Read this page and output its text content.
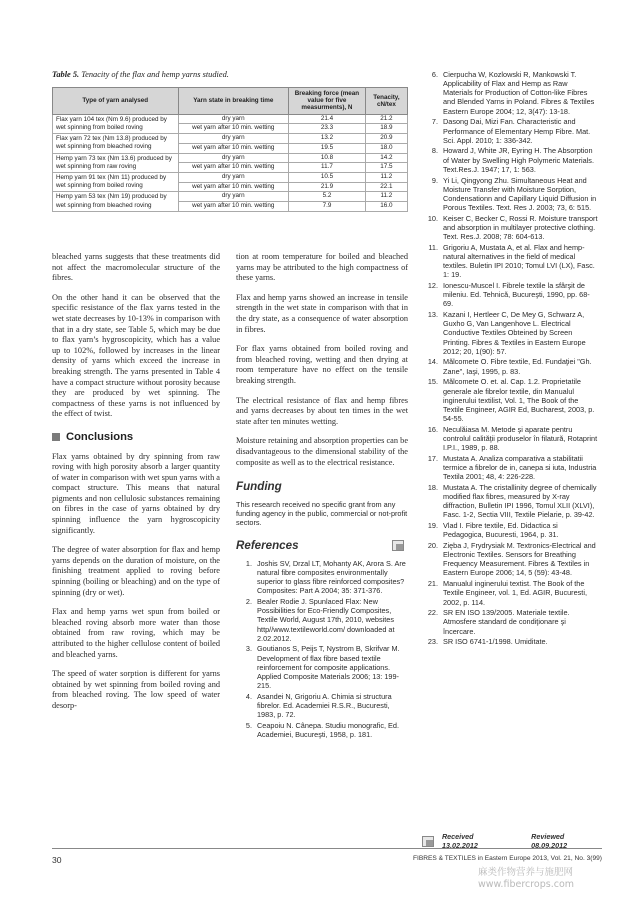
Table 5. Tenacity of the flax and hemp yarns studied.
Type of yarn analysed	Yarn state in breaking time	Breaking force (mean value for five measurments), N	Tenacity, cN/tex
Flax yarn 104 tex (Nm 9.6) produced by wet spinning from boiled roving	dry yarn	21.4	21.2
	wet yarn after 10 min. wetting	23.3	18.9
Flax yarn 72 tex (Nm 13.8) produced by wet spinning from bleached roving	dry yarn	13.2	20.9
	wet yarn after 10 min. wetting	19.5	18.0
Hemp yarn 73 tex (Nm 13.6) produced by wet spinning from raw roving	dry yarn	10.8	14.2
	wet yarn after 10 min. wetting	11.7	17.5
Hemp yarn 91 tex (Nm 11) produced by wet spinning from boiled roving	dry yarn	10.5	11.2
	wet yarn after 10 min. wetting	21.9	22.1
Hemp yarn 53 tex (Nm 19) produced by wet spinning from bleached roving	dry yarn	5.2	11.2
	wet yarn after 10 min. wetting	7.9	16.0

bleached yarns suggests that these treatments did not affect the macromolecular structure of the fibres.

On the other hand it can be observed that the specific resistance of the flax yarns tested in the wet state decreases by 10-13% in comparison with that in a dry state, see Table 5, which may be due to flax yarn’s hygroscopicity, which has a value up to 102%, followed by increases in the linear density of yarns which exceed the increase in breaking strength. The yarns presented in Table 4 have a compact structure without porosity because they are produced by wet spinning. The compactness of these yarns is not influenced by the effect of twist.

Conclusions

Flax yarns obtained by dry spinning from raw roving with high porosity absorb a larger quantity of water in comparison with wet spun yarns with a compact structure. This means that natural pigments and non cellulosic substances remaining on fibres in the case of yarns obtained by dry spinning influence the yarn hygroscopicity significantly.

The degree of water absorption for flax and hemp yarns depends on the duration of moisture, on the finishing treatment applied to roving before spinning (boiling or bleaching) and on the type of spinning (dry or wet).

Flax and hemp yarns wet spun from boiled or bleached roving absorb more water than those obtained from raw roving, which may be attributed to the higher cellulose content of boiled and bleached yarns.

The speed of water sorption is different for yarns obtained by wet spinning from boiled roving and from bleached roving. The low speed of water desorp-

tion at room temperature for boiled and bleached yarns may be attributed to the high compactness of these yarns.

Flax and hemp yarns showed an increase in tensile strength in the wet state in comparison with that in the dry state, as a consequence of water absorption in fibres.

For flax yarns obtained from boiled roving and from bleached roving, wetting and then drying at room temperature have no effect on the tensile breaking strength.

The electrical resistance of flax and hemp fibres and yarns decreases by about ten times in the wet state after ten minutes wetting.

Moisture retaining and absorption properties can be disadvantageous to the dimensional stability of the composite as well as to the electrical resistance.

Funding

This research received no specific grant from any funding agency in the public, commercial or not-profit sectors.

References
1. Joshis SV, Drzal LT, Mohanty AK, Arora S. Are natural fibre composites environmentally superior to glass fibre reinforced composites? Composites: Part A 2004; 35: 371-376.
2. Bealer Rodie J. Spunlaced Flax: New Possibilities for Eco-Friendly Composites, Textile World, August 17th, 2010, websites http//www.textileworld.com/ downloaded at 2.02.2012.
3. Goutianos S, Peijs T, Nystrom B, Skrifvar M. Development of flax fibre based textile reinforcement for composite applications. Applied Composite Materials 2006; 13: 199-215.
4. Asandei N, Grigoriu A. Chimia si structura fibrelor. Ed. Academiei R.S.R., Bucuresti, 1983, p. 72.
5. Ceapoiu N. Cânepa. Studiu monografic, Ed. Academiei, Bucureşti, 1958, p. 181.
6. Cierpucha W, Kozlowski R, Mankowski T. Applicability of Flax and Hemp as Raw Materials for Production of Cotton-like Fibres and Blended Yarns in Poland. Fibres & Textiles Eastern Europe 2004; 12, 3(47): 13-18.
7. Dasong Dai, Mizi Fan. Characteristic and Performance of Elementary Hemp Fibre. Mat. Sci. Appl. 2010; 1: 336-342.
8. Howard J, White JR, Eyring H. The Absorption of Water by Swelling High Polymeric Materials. Text.Res.J. 1947; 17, 1: 563.
9. Yi Li, Qingyong Zhu. Simultaneous Heat and Moisture Transfer with Moisture Sorption, Condensationn and Capillary Liquid Diffusion in Porous Textiles. Text. Res J. 2003; 73, 6: 515.
10. Keiser C, Becker C, Rossi R. Moisture transport and absorption in multilayer protective clothing. Text. Res.J. 2008; 78: 604-613.
11. Grigoriu A, Mustata A, et al. Flax and hemp-natural alternatives in the field of medical textiles. Buletin IPI 2010; Tomul LVI (LX), Fasc. 1: 19.
12. Ionescu-Muscel I. Fibrele textile la sfârşit de mileniu. Ed. Tehnică, Bucureşti, 1990, pp. 68-69.
13. Kazani I, Hertleer C, De Mey G, Schwarz A, Guxho G, Van Langenhove L. Electrical Conductive Textiles Obteined by Screen Printing. Fibres & Textiles in Eastern Europe 2012; 20, 1(90): 57.
14. Mălcomete O. Fibre textile, Ed. Fundaţiei "Gh. Zane", Iaşi, 1995, p. 83.
15. Mălcomete O. et. al. Cap. 1.2. Proprietatile generale ale fibrelor textile, din Manualul inginerului textilist, Vol. 1, The Book of the Textile Engineer, AGIR Ed, Bucharest, 2003, p. 54-55.
16. Neculăiasa M. Metode şi aparate pentru controlul calităţii produselor în filatură, Rotaprint I.P.I., 1989, p. 88.
17. Mustata A. Analiza comparativa a stabilitatii termice a fibrelor de in, canepa si iuta, Industria Textila 2001; 48, 4: 226-228.
18. Mustata A. The cristallinity degree of chemically modified flax fibres, measured by X-ray diffraction, Bulletin IPI 1996, Tomul XLII (XLVI), Fasc. 1-2, Sectia VIII, Textile Pielarie, p. 39-42.
19. Vlad I. Fibre textile, Ed. Didactica si Pedagogica, Bucuresti, 1964, p. 31.
20. Zięba J, Frydrysiak M. Textronics-Electrical and Electronic Textiles. Sensors for Breathing Frequency Measurement. Fibres & Textiles in Eastern Europe 2006; 14, 5 (59): 43-48.
21. Manualul inginerului textist. The Book of the Textile Engineer, vol. 1, Ed. AGIR, Bucuresti, 2002, p. 114.
22. SR EN ISO 139/2005. Materiale textile. Atmosfere standard de condiţionare şi încercare.
23. SR ISO 6741-1/1998. Umiditate.
Received 13.02.2012
Reviewed 08.09.2012
30	FIBRES & TEXTILES in Eastern Europe 2013, Vol. 21, No. 3(99)
麻类作物营养与施肥网
www.fibercrops.com
